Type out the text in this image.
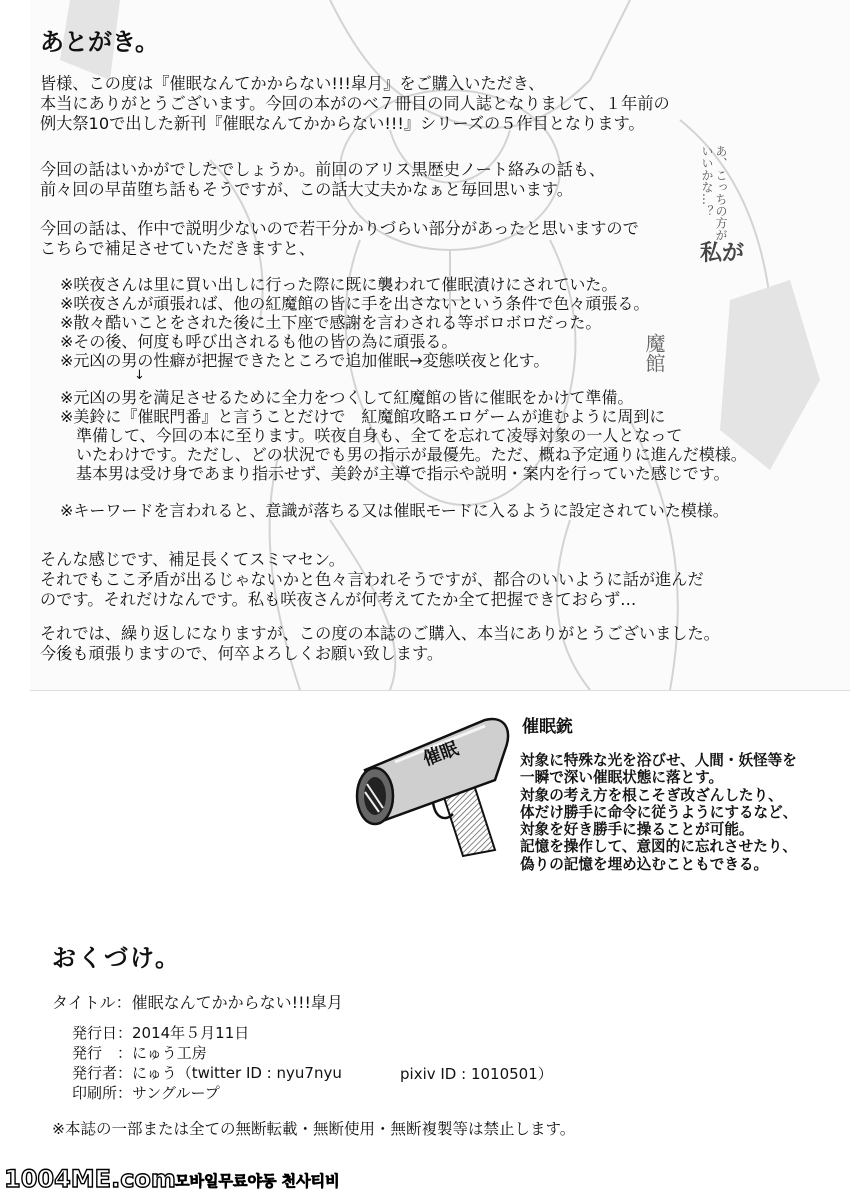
あ、こっちの方が
いいかな…？
私が
魔館
あとがき。
皆様、この度は『催眠なんてかからない!!!皐月』をご購入いただき、
本当にありがとうございます。今回の本がのべ７冊目の同人誌となりまして、１年前の
例大祭10で出した新刊『催眠なんてかからない!!!』シリーズの５作目となります。
今回の話はいかがでしたでしょうか。前回のアリス黒歴史ノート絡みの話も、
前々回の早苗堕ち話もそうですが、この話大丈夫かなぁと毎回思います。
今回の話は、作中で説明少ないので若干分かりづらい部分があったと思いますので
こちらで補足させていただきますと、
※咲夜さんは里に買い出しに行った際に既に襲われて催眠漬けにされていた。
※咲夜さんが頑張れば、他の紅魔館の皆に手を出さないという条件で色々頑張る。
※散々酷いことをされた後に土下座で感謝を言わされる等ボロボロだった。
※その後、何度も呼び出されるも他の皆の為に頑張る。
※元凶の男の性癖が把握できたところで追加催眠→変態咲夜と化す。
↓
※元凶の男を満足させるために全力をつくして紅魔館の皆に催眠をかけて準備。
※美鈴に『催眠門番』と言うことだけで　紅魔館攻略エロゲームが進むように周到に
　準備して、今回の本に至ります。咲夜自身も、全てを忘れて凌辱対象の一人となって
　いたわけです。ただし、どの状況でも男の指示が最優先。ただ、概ね予定通りに進んだ模様。
　基本男は受け身であまり指示せず、美鈴が主導で指示や説明・案内を行っていた感じです。
※キーワードを言われると、意識が落ちる又は催眠モードに入るように設定されていた模様。
そんな感じです、補足長くてスミマセン。
それでもここ矛盾が出るじゃないかと色々言われそうですが、都合のいいように話が進んだ
のです。それだけなんです。私も咲夜さんが何考えてたか全て把握できておらず…
それでは、繰り返しになりますが、この度の本誌のご購入、本当にありがとうございました。
今後も頑張りますので、何卒よろしくお願い致します。
催眠
催眠銃
対象に特殊な光を浴びせ、人間・妖怪等を
一瞬で深い催眠状態に落とす。
対象の考え方を根こそぎ改ざんしたり、
体だけ勝手に命令に従うようにするなど、
対象を好き勝手に操ることが可能。
記憶を操作して、意図的に忘れさせたり、
偽りの記憶を埋め込むこともできる。
おくづけ。
タイトル：催眠なんてかからない!!!皐月
発行日：2014年５月11日
発行　：にゅう工房
発行者：にゅう（twitter ID : nyu7nyu
印刷所：サングループ
pixiv ID : 1010501）
※本誌の一部または全ての無断転載・無断使用・無断複製等は禁止します。
1004ME.com 모바일무료야동 천사티비
